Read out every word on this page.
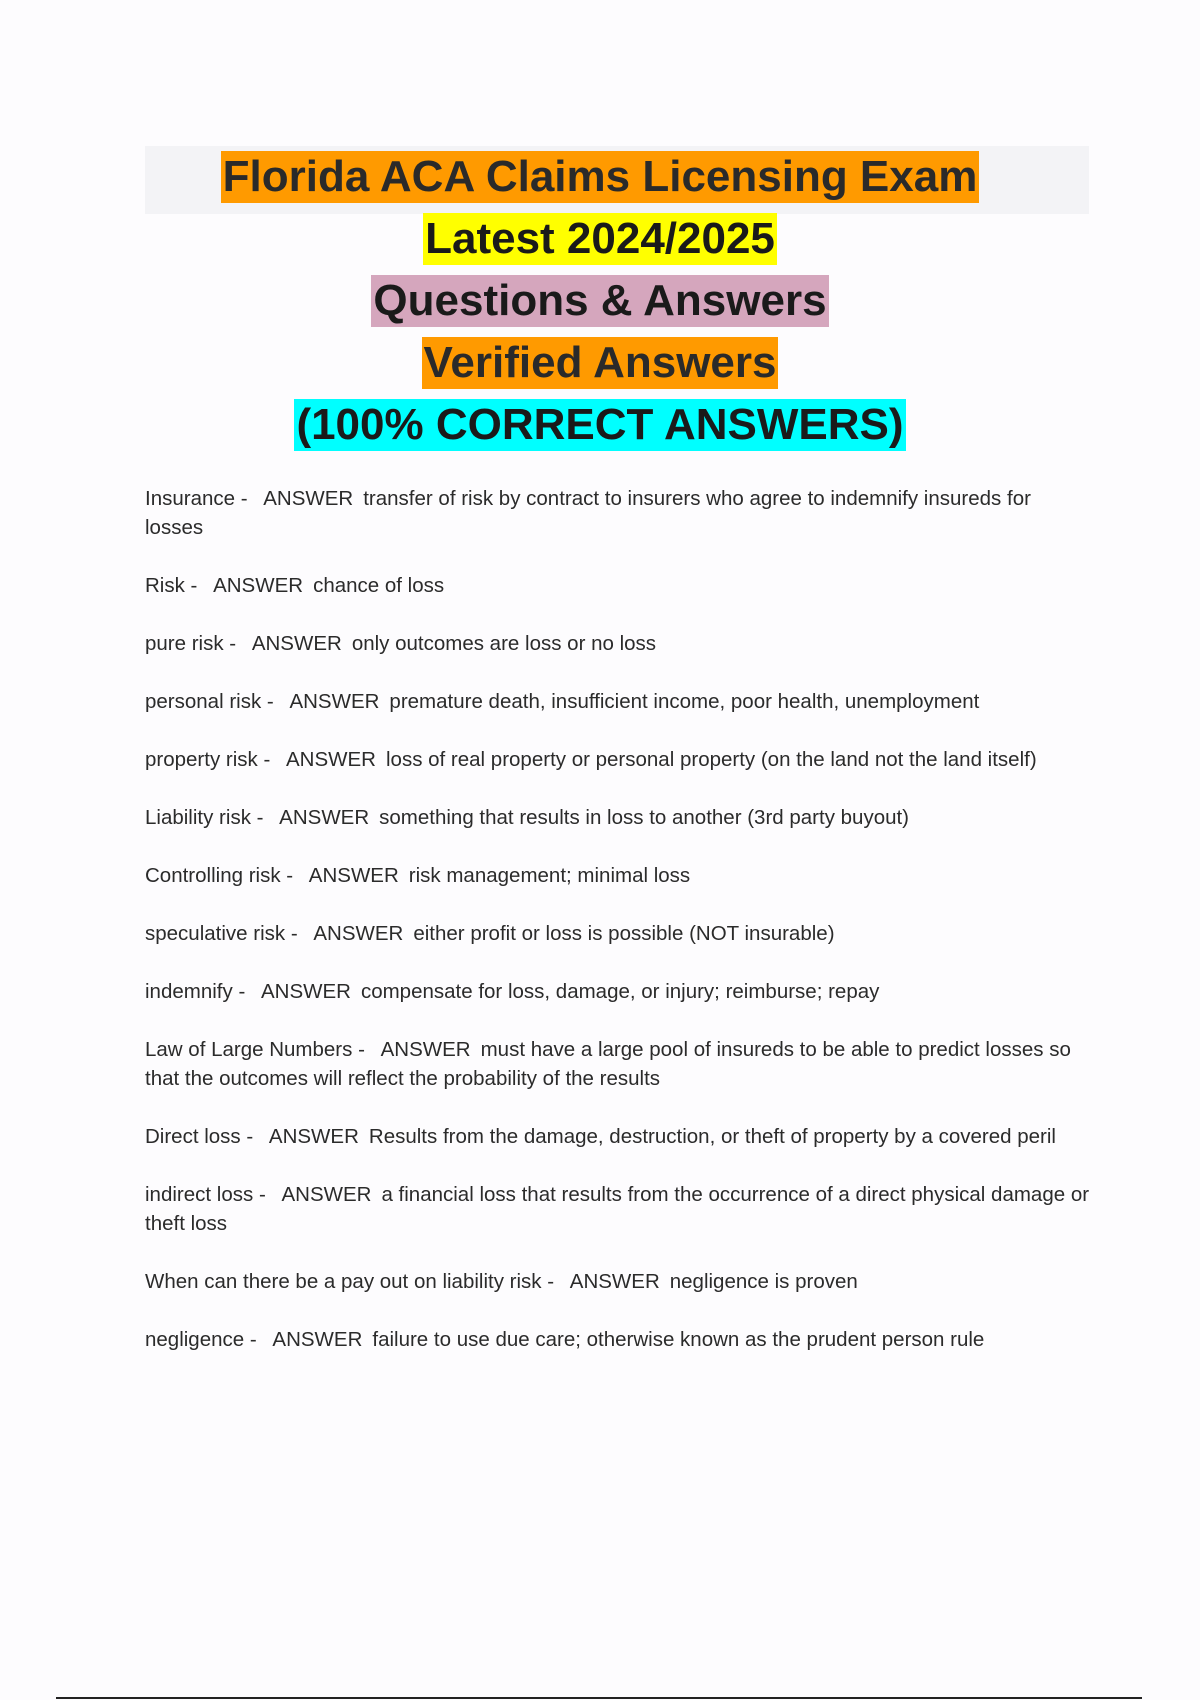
Florida ACA Claims Licensing Exam
Latest 2024/2025
Questions & Answers
Verified Answers
(100% CORRECT ANSWERS)
Insurance - ANSWER transfer of risk by contract to insurers who agree to indemnify insureds for losses
Risk - ANSWER chance of loss
pure risk - ANSWER only outcomes are loss or no loss
personal risk - ANSWER premature death, insufficient income, poor health, unemployment
property risk - ANSWER loss of real property or personal property (on the land not the land itself)
Liability risk - ANSWER something that results in loss to another (3rd party buyout)
Controlling risk - ANSWER risk management; minimal loss
speculative risk - ANSWER either profit or loss is possible (NOT insurable)
indemnify - ANSWER compensate for loss, damage, or injury; reimburse; repay
Law of Large Numbers - ANSWER must have a large pool of insureds to be able to predict losses so that the outcomes will reflect the probability of the results
Direct loss - ANSWER Results from the damage, destruction, or theft of property by a covered peril
indirect loss - ANSWER a financial loss that results from the occurrence of a direct physical damage or theft loss
When can there be a pay out on liability risk - ANSWER negligence is proven
negligence - ANSWER failure to use due care; otherwise known as the prudent person rule
